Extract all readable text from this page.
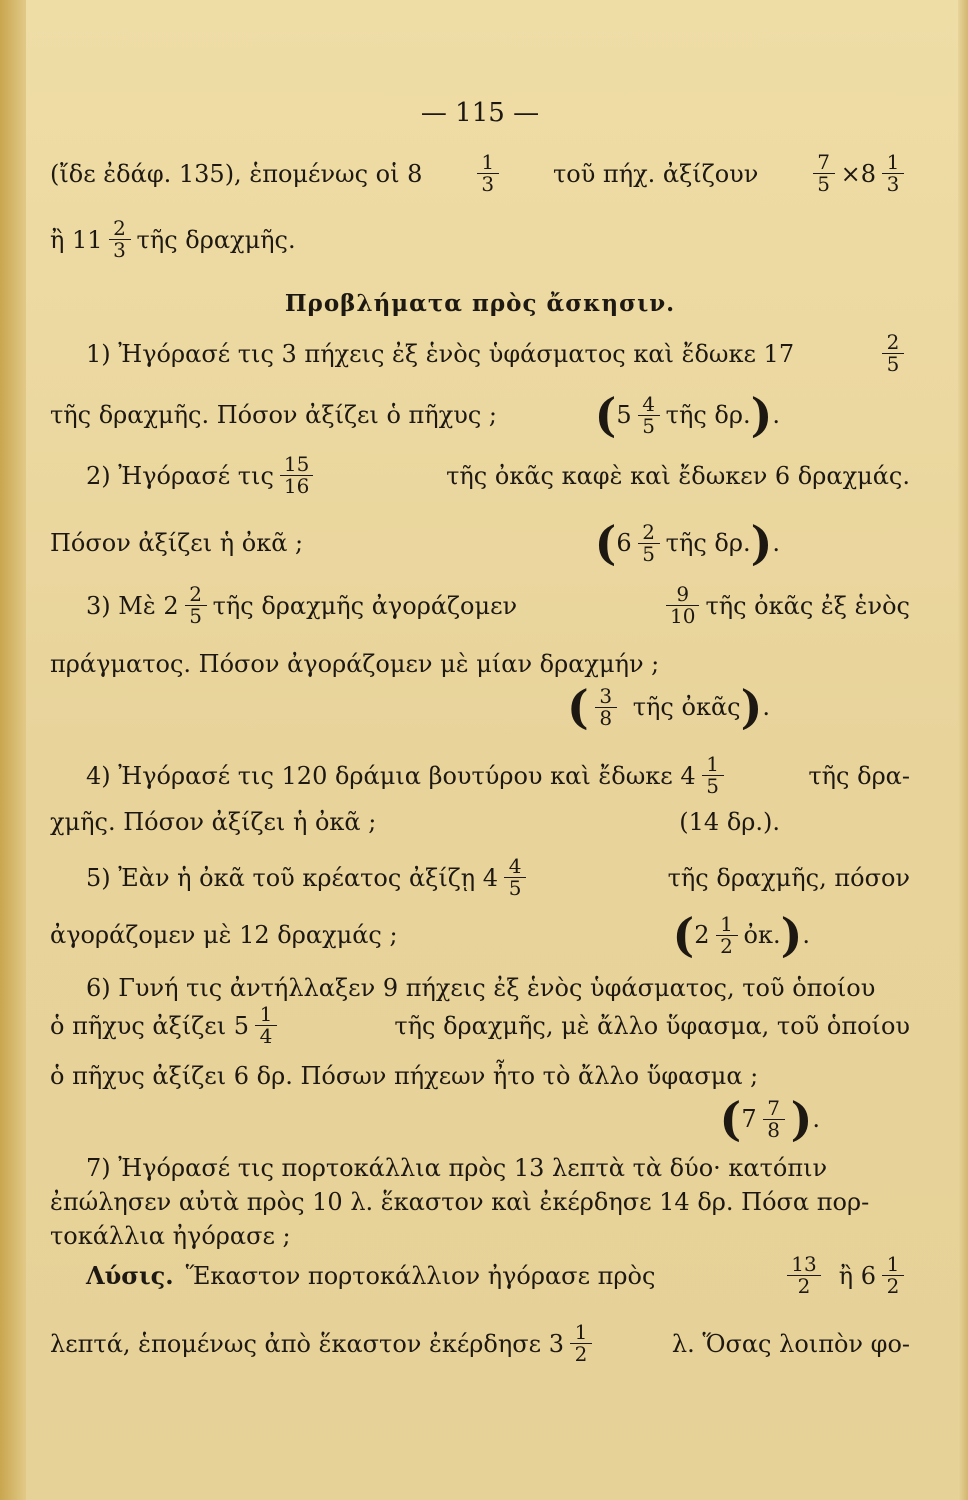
— 115 —
(ἴδε ἐδάφ. 135), ἑπομένως οἱ 8	$\frac{1}{3}$ τοῦ πήχ. ἀξίζουν	$\frac{7}{5} \times 8 \frac{1}{3}$
ἢ $11 \frac{2}{3}$ τῆς δραχμῆς.
Προβλήματα πρὸς ἄσκησιν.
1) Ἠγόρασέ τις 3 πήχεις ἐξ ἑνὸς ὑφάσματος καὶ ἔδωκε 17	$\frac{2}{5}$
τῆς δραχμῆς. Πόσον ἀξίζει ὁ πῆχυς ; ( $5 \frac{4}{5}$ τῆς δρ. ) .
2) Ἠγόρασέ τις $\frac{15}{16}$	τῆς ὀκᾶς καφὲ καὶ ἔδωκεν 6 δραχμάς.
Πόσον ἀξίζει ἡ ὀκᾶ ;	( $6 \frac{2}{5}$ τῆς δρ. ) .
3) Μὲ $2 \frac{2}{5}$ τῆς δραχμῆς ἀγοράζομεν	$\frac{9}{10}$ τῆς ὀκᾶς ἐξ ἑνὸς
πράγματος. Πόσον ἀγοράζομεν μὲ μίαν δραχμήν ;
( $\frac{3}{8}$ τῆς ὀκᾶς ) .
4) Ἠγόρασέ τις 120 δράμια βουτύρου καὶ ἔδωκε $4 \frac{1}{5}$	τῆς δρα-
χμῆς. Πόσον ἀξίζει ἡ ὀκᾶ ;	(14 δρ.).
5) Ἐὰν ἡ ὀκᾶ τοῦ κρέατος ἀξίζῃ $4 \frac{4}{5}$	τῆς δραχμῆς, πόσον
ἀγοράζομεν μὲ 12 δραχμάς ;	( $2 \frac{1}{2}$ ὀκ. ) .
6) Γυνή τις ἀντήλλαξεν 9 πήχεις ἐξ ἑνὸς ὑφάσματος, τοῦ ὁποίου
ὁ πῆχυς ἀξίζει $5 \frac{1}{4}$	τῆς δραχμῆς, μὲ ἄλλο ὕφασμα, τοῦ ὁποίου
ὁ πῆχυς ἀξίζει 6 δρ. Πόσων πήχεων ἦτο τὸ ἄλλο ὕφασμα ;
( $7 \frac{7}{8}$ ) .
7) Ἠγόρασέ τις πορτοκάλλια πρὸς 13 λεπτὰ τὰ δύο· κατόπιν
ἐπώλησεν αὐτὰ πρὸς 10 λ. ἕκαστον καὶ ἐκέρδησε 14 δρ. Πόσα πορ-
τοκάλλια ἠγόρασε ;
Λύσις. Ἕκαστον πορτοκάλλιον ἠγόρασε πρὸς	$\frac{13}{2}$ ἢ $6 \frac{1}{2}$
λεπτά, ἑπομένως ἀπὸ ἕκαστον ἐκέρδησε $3 \frac{1}{2}$	λ. Ὅσας λοιπὸν φο-
